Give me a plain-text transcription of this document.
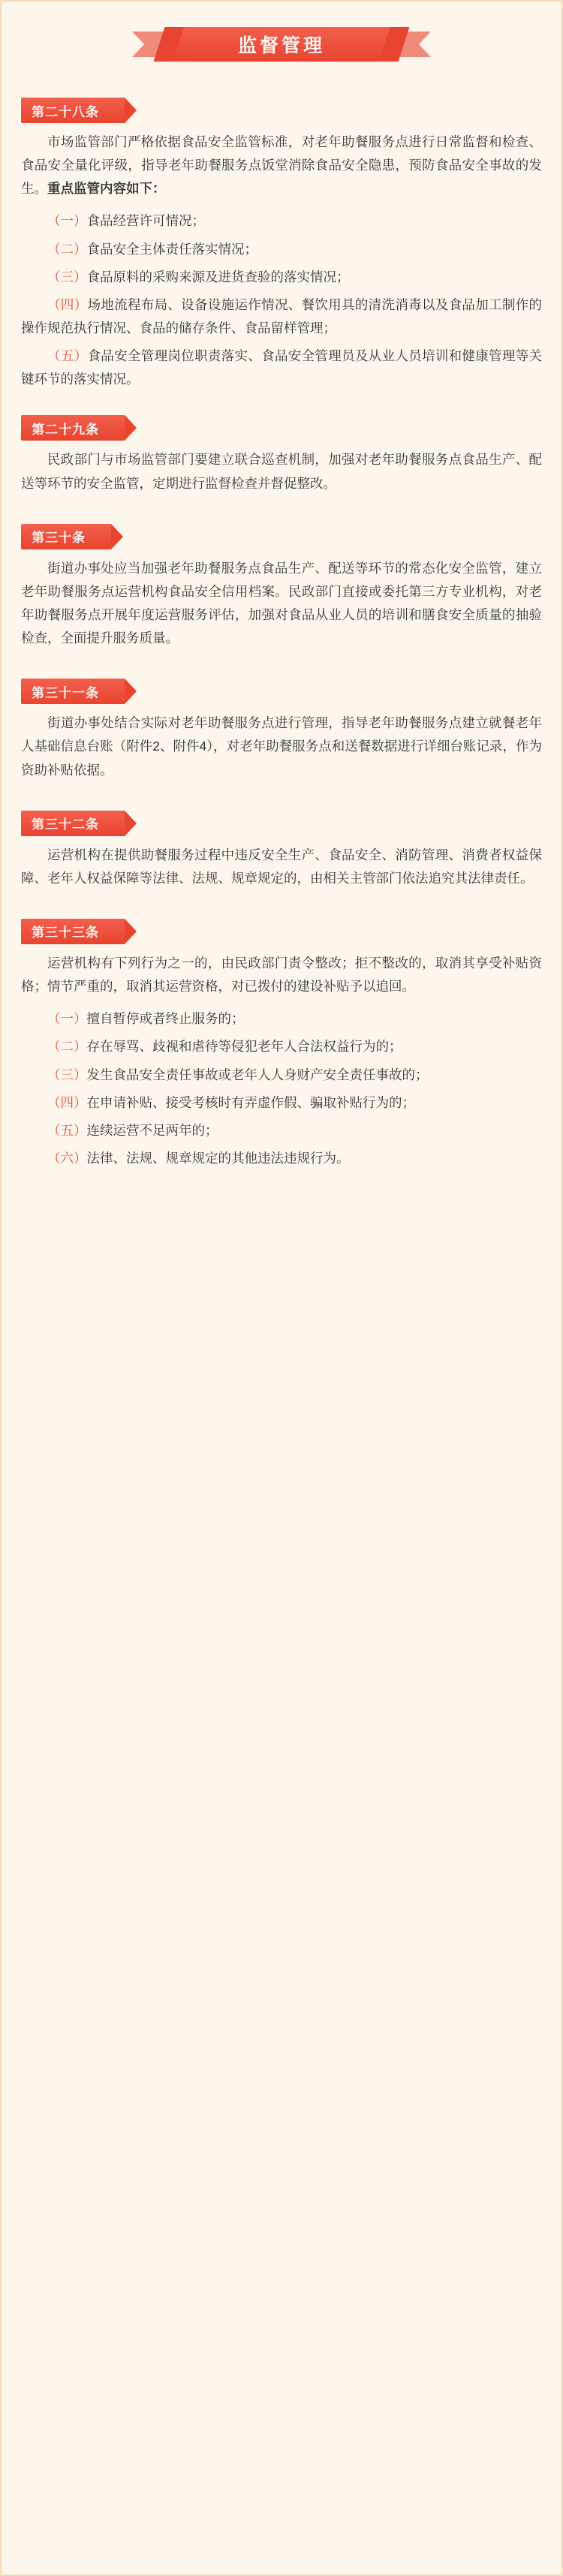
监督管理
第二十八条

市场监管部门严格依据食品安全监管标准，对老年助餐服务点进行日常监督和检查、食品安全量化评级，指导老年助餐服务点饭堂消除食品安全隐患，预防食品安全事故的发生。重点监管内容如下：

（一）食品经营许可情况；

（二）食品安全主体责任落实情况；

（三）食品原料的采购来源及进货查验的落实情况；

（四）场地流程布局、设备设施运作情况、餐饮用具的清洗消毒以及食品加工制作的操作规范执行情况、食品的储存条件、食品留样管理；

（五）食品安全管理岗位职责落实、食品安全管理员及从业人员培训和健康管理等关键环节的落实情况。

第二十九条

民政部门与市场监管部门要建立联合巡查机制，加强对老年助餐服务点食品生产、配送等环节的安全监管，定期进行监督检查并督促整改。

第三十条

街道办事处应当加强老年助餐服务点食品生产、配送等环节的常态化安全监管，建立老年助餐服务点运营机构食品安全信用档案。民政部门直接或委托第三方专业机构，对老年助餐服务点开展年度运营服务评估，加强对食品从业人员的培训和膳食安全质量的抽验检查，全面提升服务质量。

第三十一条

街道办事处结合实际对老年助餐服务点进行管理，指导老年助餐服务点建立就餐老年人基础信息台账（附件2、附件4），对老年助餐服务点和送餐数据进行详细台账记录，作为资助补贴依据。

第三十二条

运营机构在提供助餐服务过程中违反安全生产、食品安全、消防管理、消费者权益保障、老年人权益保障等法律、法规、规章规定的，由相关主管部门依法追究其法律责任。

第三十三条

运营机构有下列行为之一的，由民政部门责令整改；拒不整改的，取消其享受补贴资格；情节严重的，取消其运营资格，对已拨付的建设补贴予以追回。

（一）擅自暂停或者终止服务的；

（二）存在辱骂、歧视和虐待等侵犯老年人合法权益行为的；

（三）发生食品安全责任事故或老年人人身财产安全责任事故的；

（四）在申请补贴、接受考核时有弄虚作假、骗取补贴行为的；

（五）连续运营不足两年的；

（六）法律、法规、规章规定的其他违法违规行为。
